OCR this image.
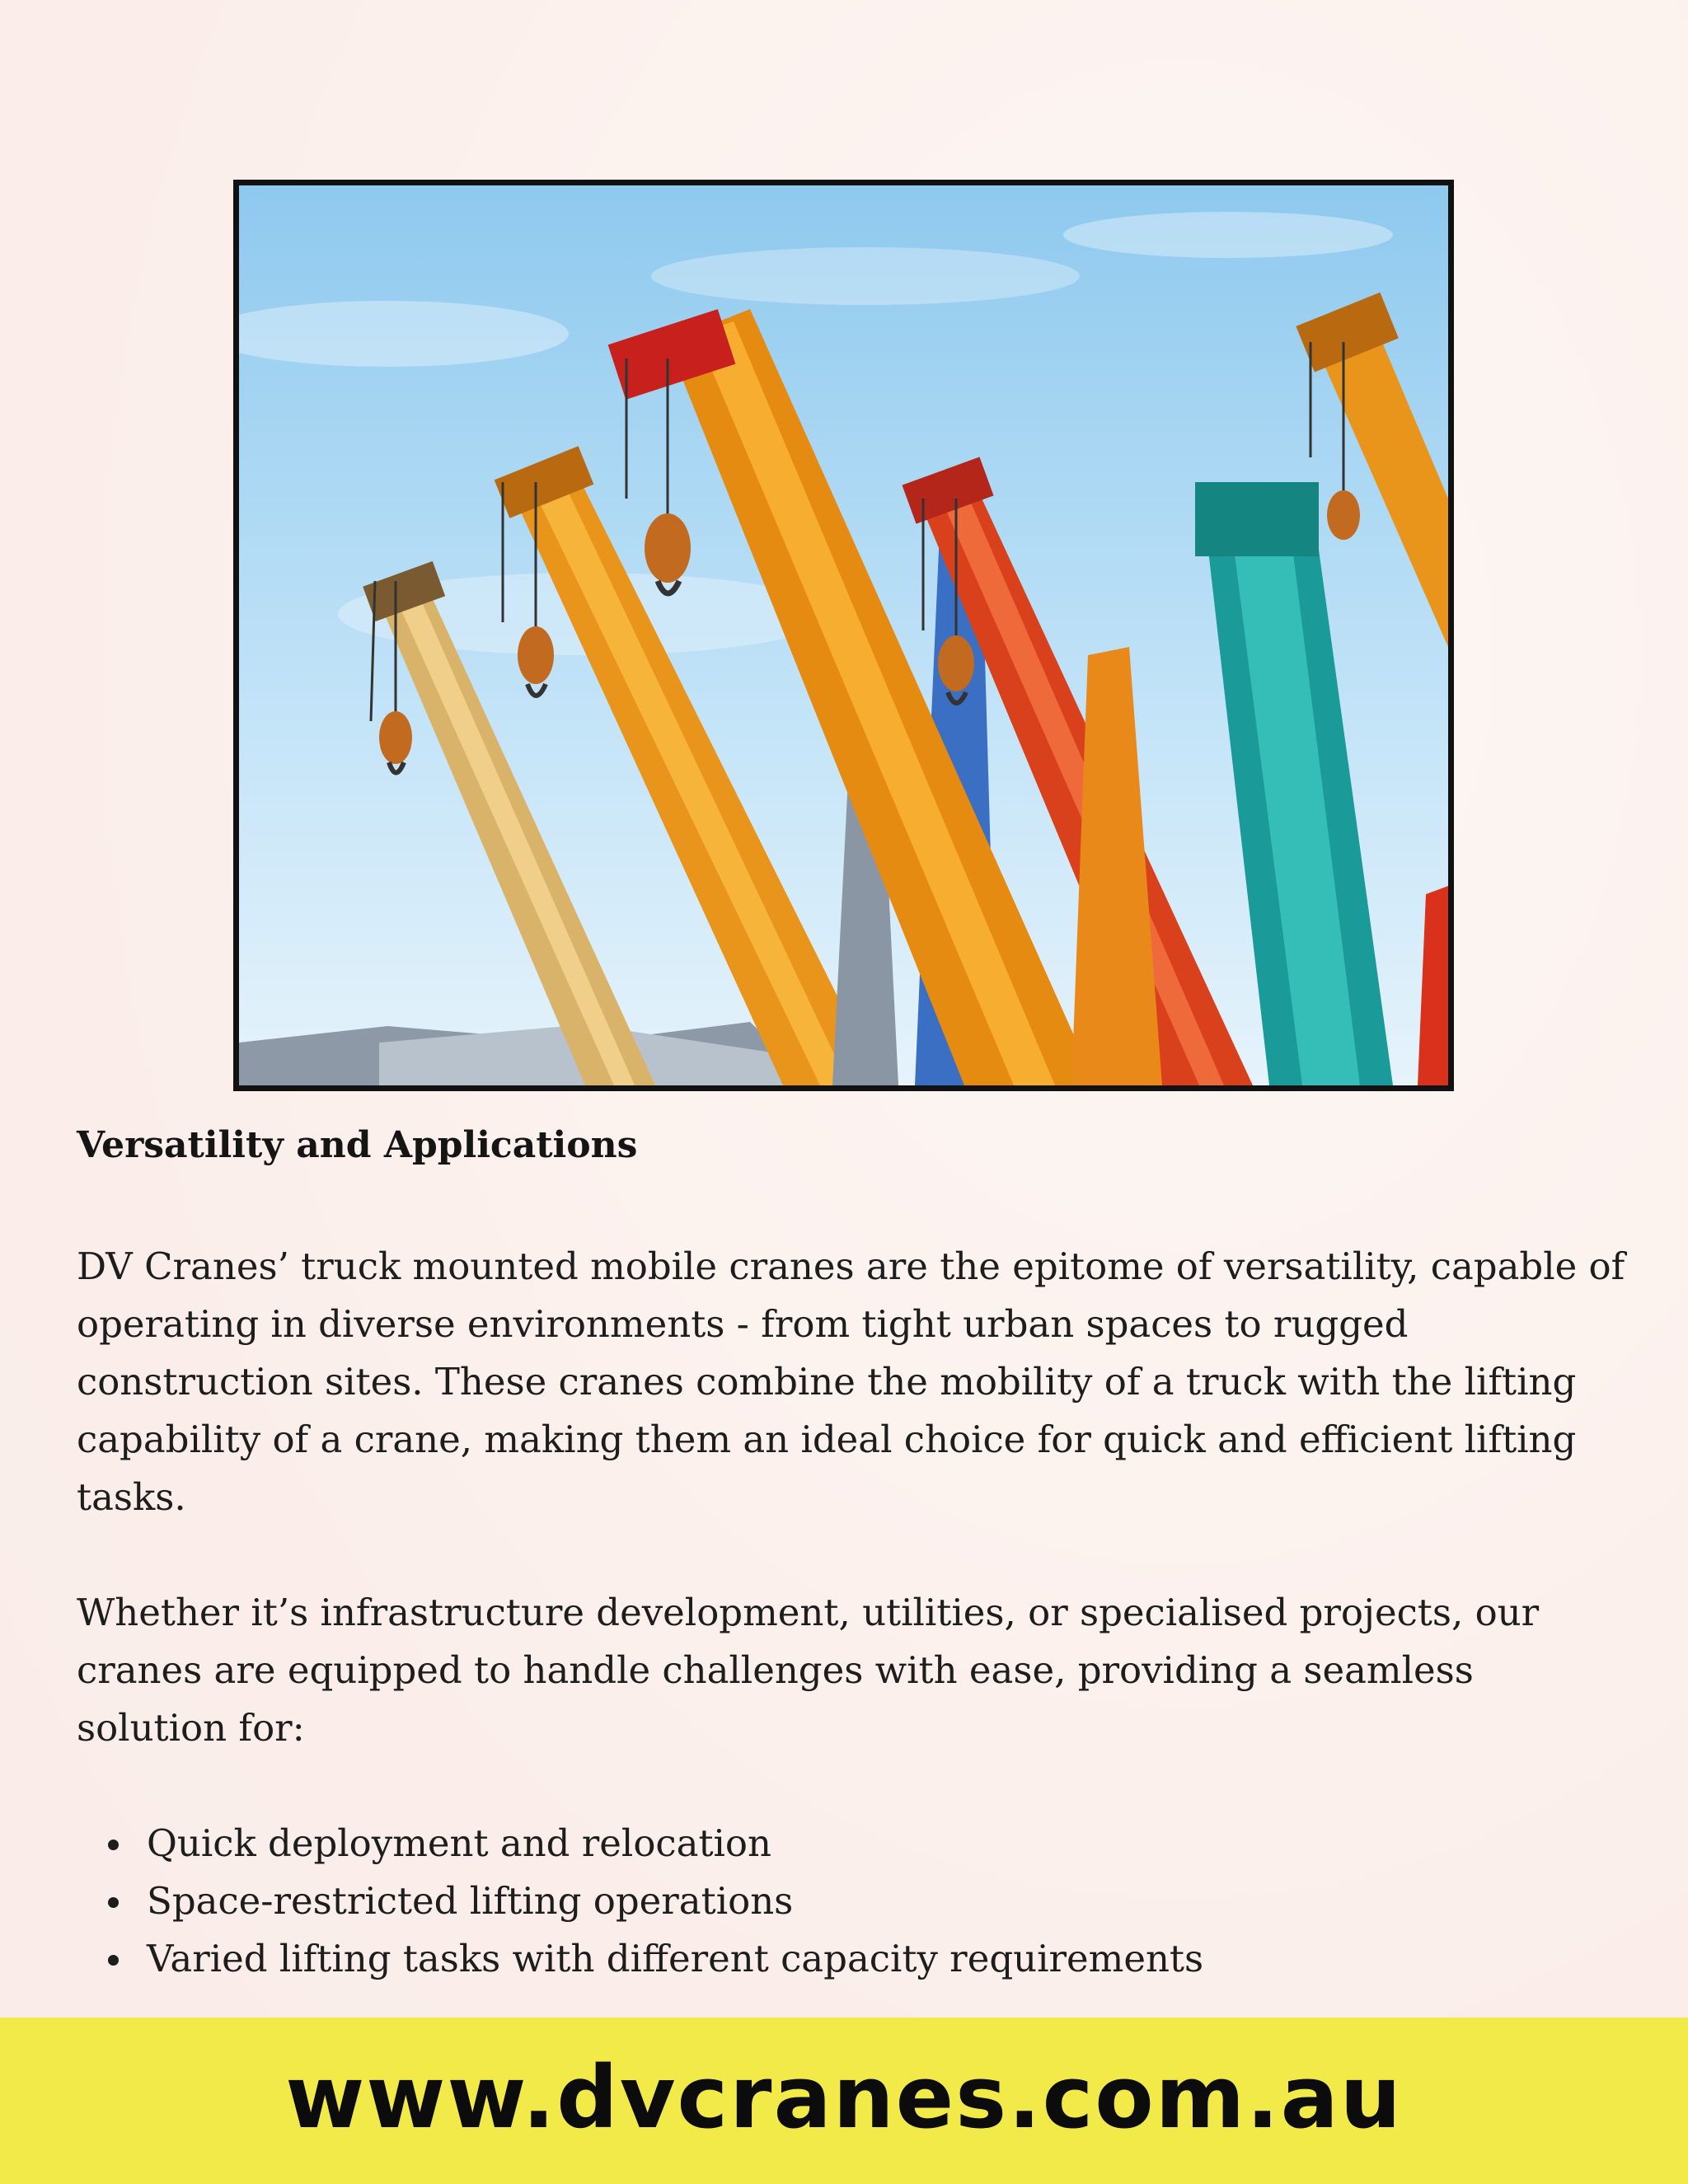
Versatility and Applications

DV Cranes’ truck mounted mobile cranes are the epitome of versatility, capable of operating in diverse environments - from tight urban spaces to rugged construction sites. These cranes combine the mobility of a truck with the lifting capability of a crane, making them an ideal choice for quick and efficient lifting tasks.

Whether it’s infrastructure development, utilities, or specialised projects, our cranes are equipped to handle challenges with ease, providing a seamless solution for:

Quick deployment and relocation
Space-restricted lifting operations
Varied lifting tasks with different capacity requirements
www.dvcranes.com.au
